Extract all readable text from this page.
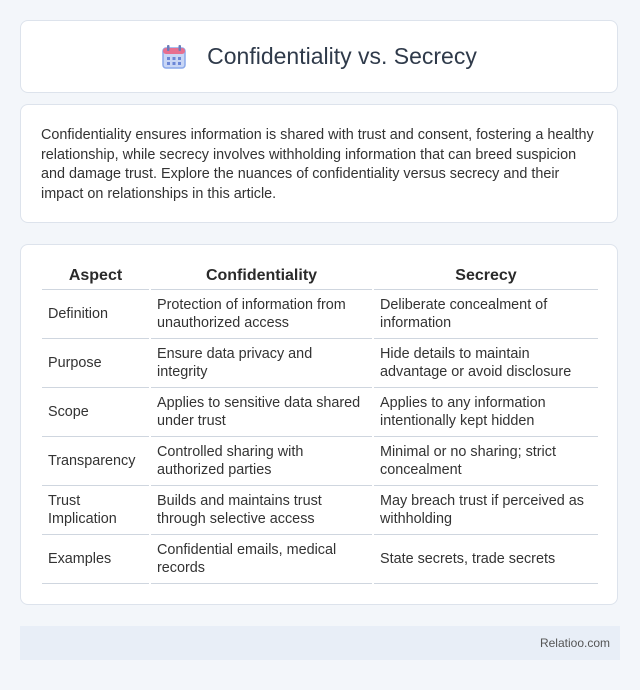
Confidentiality vs. Secrecy

Confidentiality ensures information is shared with trust and consent, fostering a healthy relationship, while secrecy involves withholding information that can breed suspicion and damage trust. Explore the nuances of confidentiality versus secrecy and their impact on relationships in this article.

Aspect	Confidentiality	Secrecy
Definition	Protection of information from unauthorized access	Deliberate concealment of information
Purpose	Ensure data privacy and integrity	Hide details to maintain advantage or avoid disclosure
Scope	Applies to sensitive data shared under trust	Applies to any information intentionally kept hidden
Transparency	Controlled sharing with authorized parties	Minimal or no sharing; strict concealment
Trust Implication	Builds and maintains trust through selective access	May breach trust if perceived as withholding
Examples	Confidential emails, medical records	State secrets, trade secrets
Relatioo.com
